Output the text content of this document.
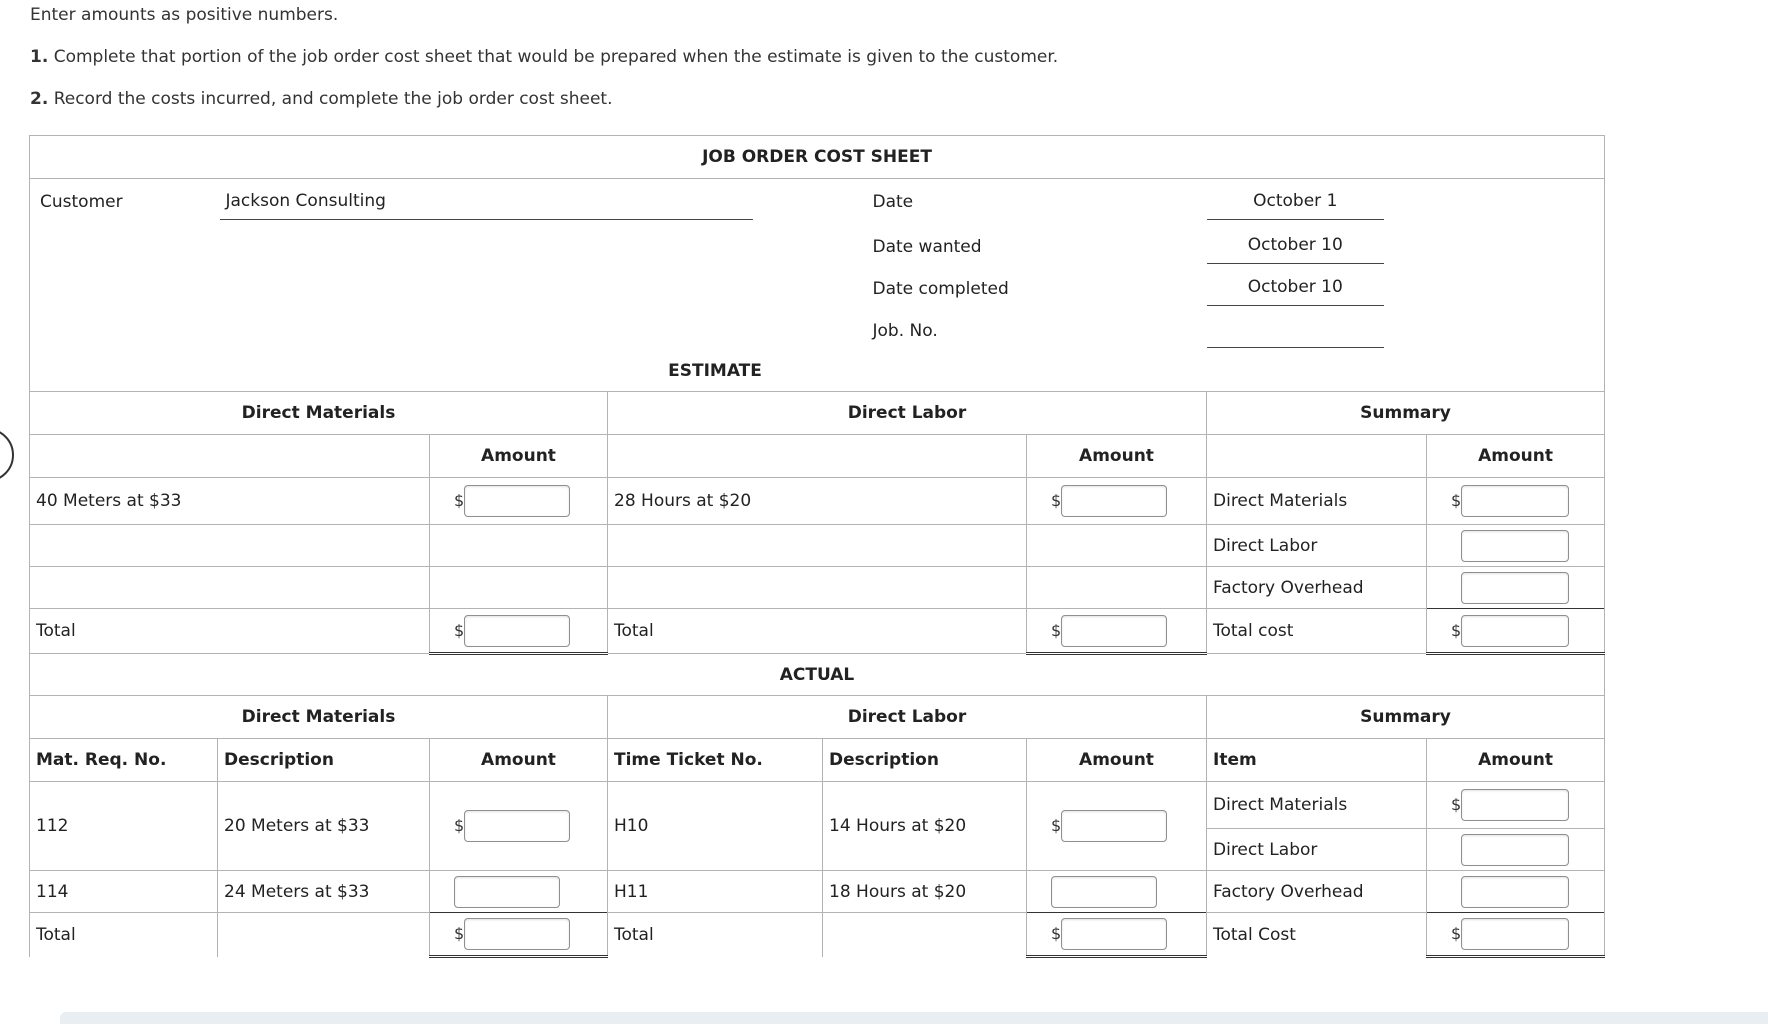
Enter amounts as positive numbers.

1. Complete that portion of the job order cost sheet that would be prepared when the estimate is given to the customer.

2. Record the costs incurred, and complete the job order cost sheet.

JOB ORDER COST SHEET							
Customer	Jackson Consulting			Date		October 1	

				Date wanted		October 10	

				Date completed		October 10	

				Job. No.			

ESTIMATE							
Direct Materials			Direct Labor			Summary	
		Amount			Amount		Amount
40 Meters at $33		$	28 Hours at $20		$	Direct Materials	$
						Direct Labor	
						Factory Overhead	
Total		$	Total		$	Total cost	$
ACTUAL							
Direct Materials			Direct Labor			Summary	
Mat. Req. No.	Description	Amount	Time Ticket No.	Description	Amount	Item	Amount
112	20 Meters at $33	$	H10	14 Hours at $20	$	Direct Materials	$
						Direct Labor	
114	24 Meters at $33		H11	18 Hours at $20		Factory Overhead	
Total		$	Total		$	Total Cost	$
